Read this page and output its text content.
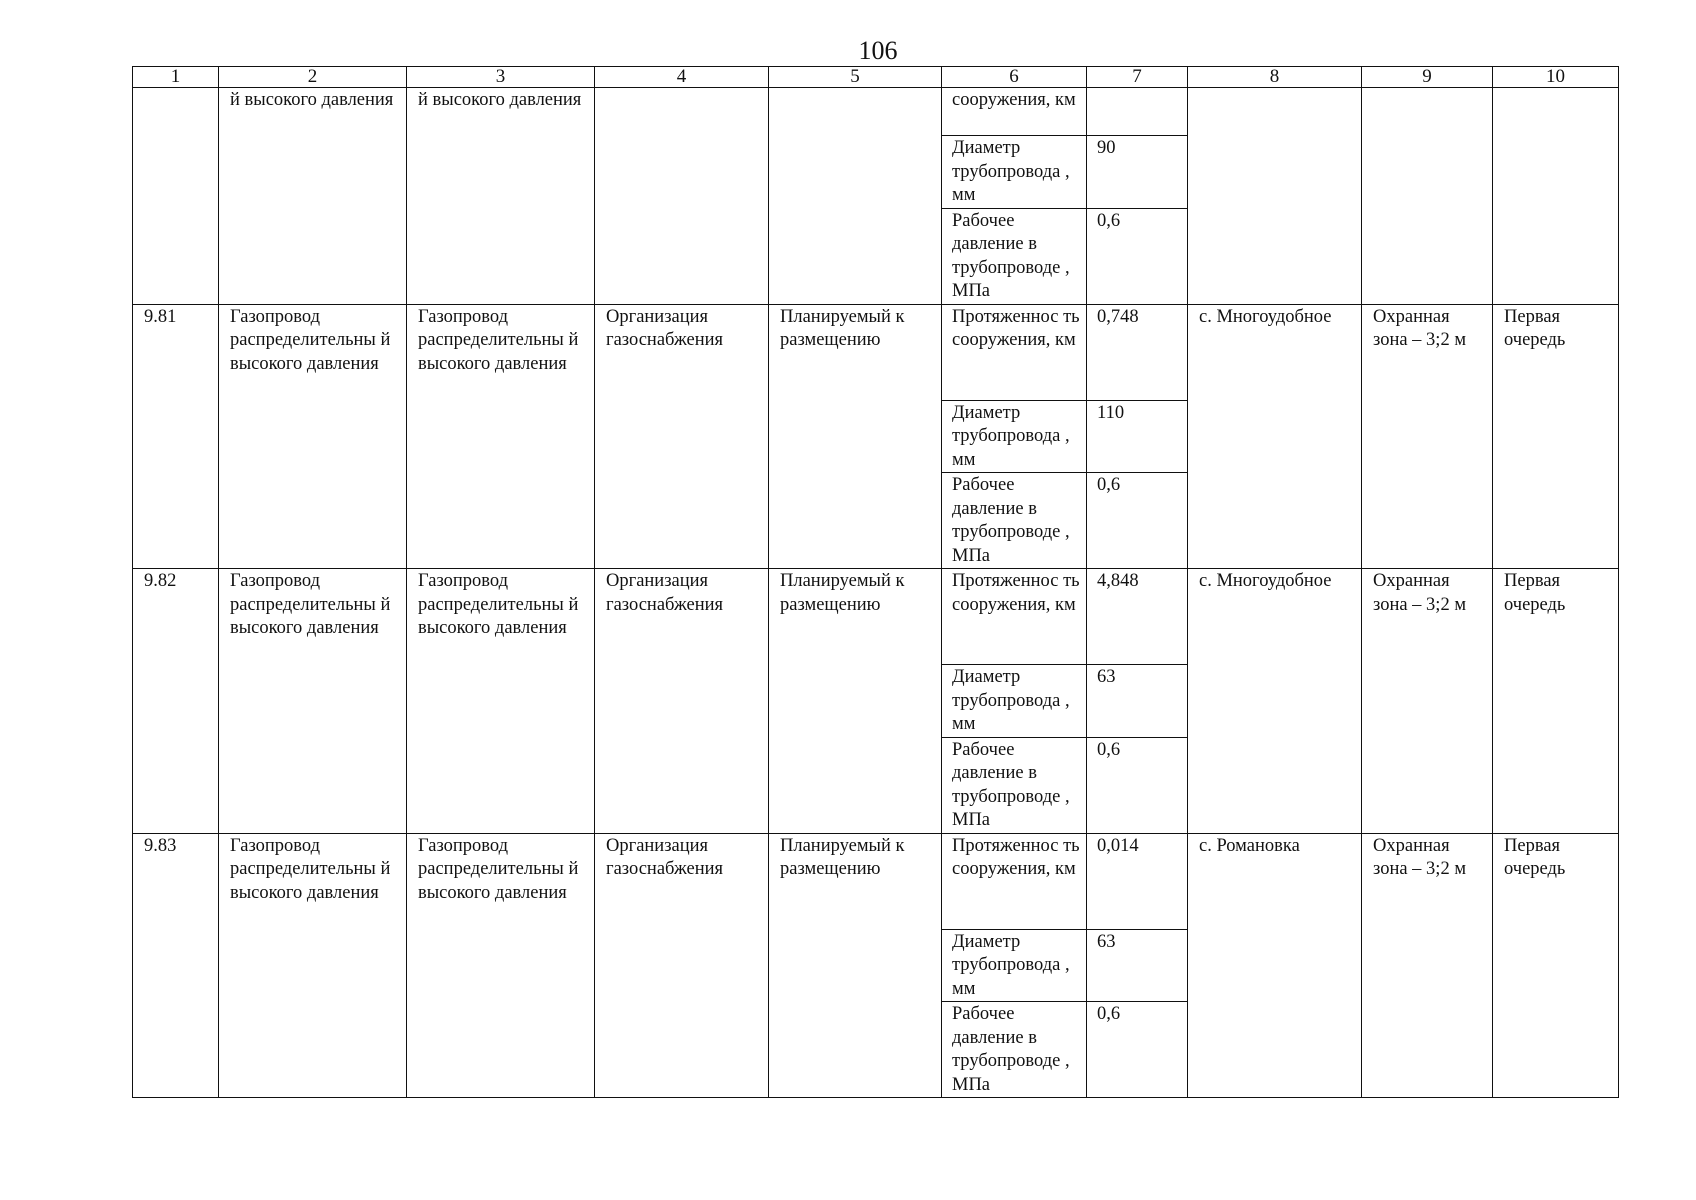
106
1	2	3	4	5	6	7	8	9	10
	й высокого давления	й высокого давления			сооружения, км				
					Диаметр трубопровода , мм	90			
					Рабочее давление в трубопроводе , МПа	0,6			
9.81	Газопровод распределительны й высокого давления	Газопровод распределительны й высокого давления	Организация газоснабжения	Планируемый к размещению	Протяженнос ть сооружения, км	0,748	с. Многоудобное	Охранная зона – 3;2 м	Первая очередь
					Диаметр трубопровода , мм	110			
					Рабочее давление в трубопроводе , МПа	0,6			
9.82	Газопровод распределительны й высокого давления	Газопровод распределительны й высокого давления	Организация газоснабжения	Планируемый к размещению	Протяженнос ть сооружения, км	4,848	с. Многоудобное	Охранная зона – 3;2 м	Первая очередь
					Диаметр трубопровода , мм	63			
					Рабочее давление в трубопроводе , МПа	0,6			
9.83	Газопровод распределительны й высокого давления	Газопровод распределительны й высокого давления	Организация газоснабжения	Планируемый к размещению	Протяженнос ть сооружения, км	0,014	с. Романовка	Охранная зона – 3;2 м	Первая очередь
					Диаметр трубопровода , мм	63			
					Рабочее давление в трубопроводе , МПа	0,6			
